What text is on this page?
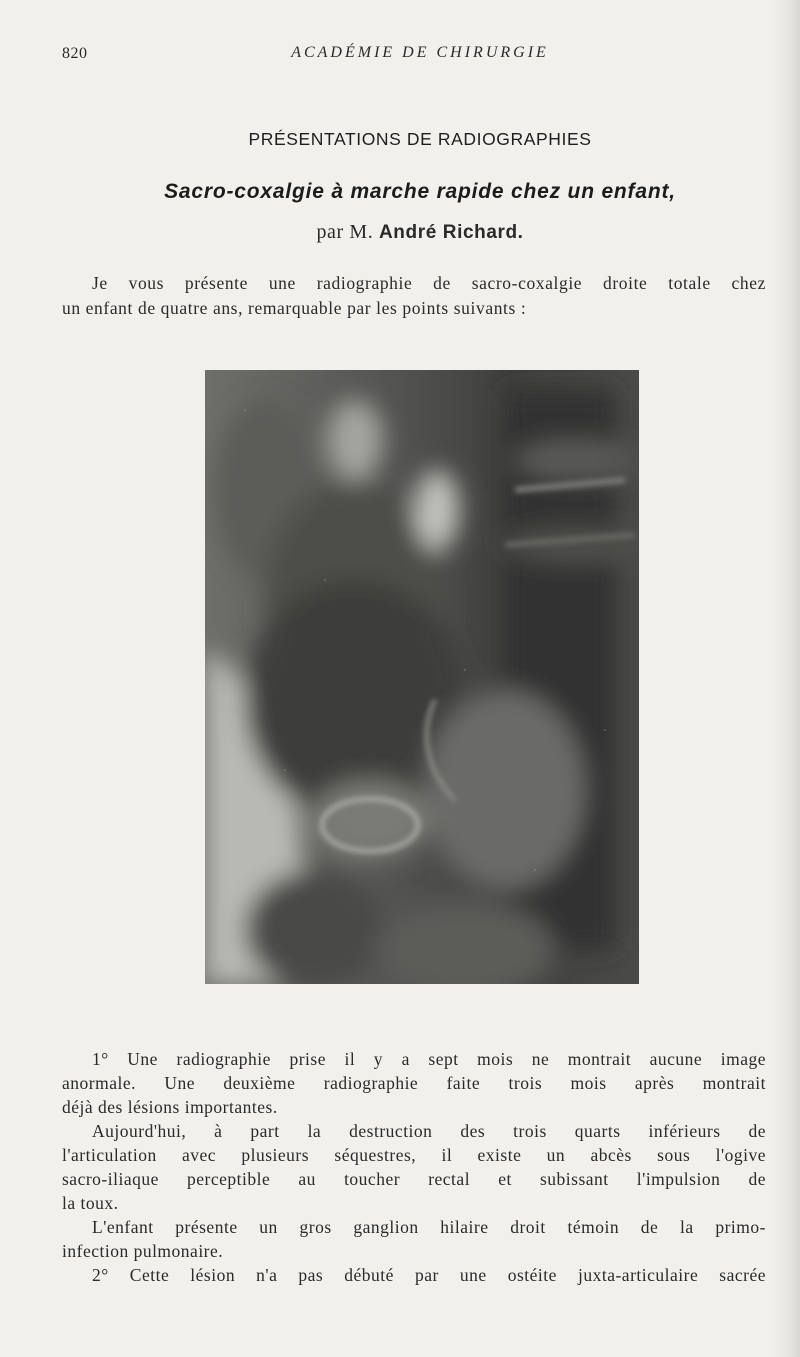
820	ACADÉMIE DE CHIRURGIE
PRÉSENTATIONS DE RADIOGRAPHIES
Sacro-coxalgie à marche rapide chez un enfant,
par M. André Richard.
Je vous présente une radiographie de sacro-coxalgie droite totale chez
un enfant de quatre ans, remarquable par les points suivants :
1° Une radiographie prise il y a sept mois ne montrait aucune image
anormale. Une deuxième radiographie faite trois mois après montrait
déjà des lésions importantes.
Aujourd'hui, à part la destruction des trois quarts inférieurs de
l'articulation avec plusieurs séquestres, il existe un abcès sous l'ogive
sacro-iliaque perceptible au toucher rectal et subissant l'impulsion de
la toux.
L'enfant présente un gros ganglion hilaire droit témoin de la primo-
infection pulmonaire.
2° Cette lésion n'a pas débuté par une ostéite juxta-articulaire sacrée
